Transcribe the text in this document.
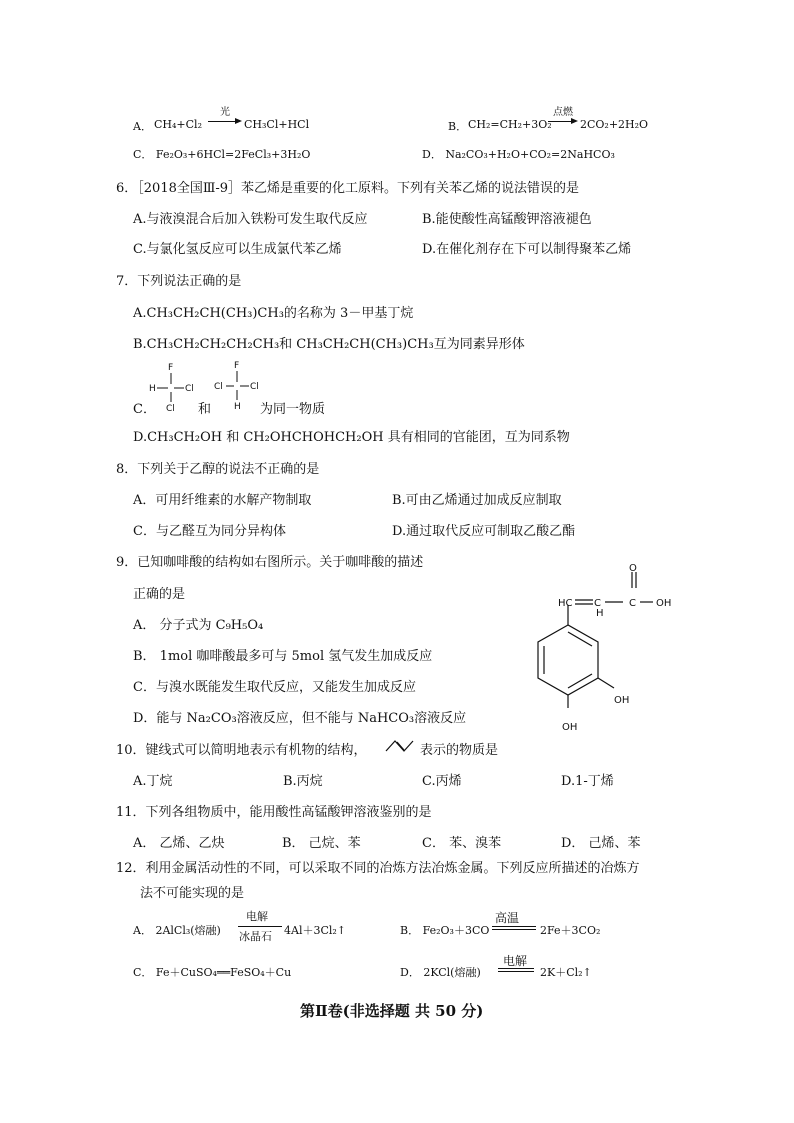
A． CH₄+Cl₂
光
CH₃Cl+HCl	B． CH₂=CH₂+3O₂
点燃
2CO₂+2H₂O
C． Fe₂O₃+6HCl=2FeCl₃+3H₂O	D． Na₂CO₃+H₂O+CO₂=2NaHCO₃
6．［2018全国Ⅲ-9］苯乙烯是重要的化工原料。下列有关苯乙烯的说法错误的是
A.与液溴混合后加入铁粉可发生取代反应	B.能使酸性高锰酸钾溶液褪色
C.与氯化氢反应可以生成氯代苯乙烯	D.在催化剂存在下可以制得聚苯乙烯
7．下列说法正确的是
A.CH₃CH₂CH(CH₃)CH₃的名称为 3－甲基丁烷
B.CH₃CH₂CH₂CH₂CH₃和 CH₃CH₂CH(CH₃)CH₃互为同素异形体
C．
F
H	Cl
Cl 和
F
Cl	Cl
H 为同一物质
D.CH₃CH₂OH 和 CH₂OHCHOHCH₂OH 具有相同的官能团，互为同系物
8．下列关于乙醇的说法不正确的是
A．可用纤维素的水解产物制取	B.可由乙烯通过加成反应制取
C．与乙醛互为同分异构体	D.通过取代反应可制取乙酸乙酯
9．已知咖啡酸的结构如右图所示。关于咖啡酸的描述
正确的是
A． 分子式为 C₉H₅O₄
B． 1mol 咖啡酸最多可与 5mol 氢气发生加成反应
C．与溴水既能发生取代反应，又能发生加成反应
D．能与 Na₂CO₃溶液反应，但不能与 NaHCO₃溶液反应
HC C
H
C
O
OH
OH
OH
10．键线式可以简明地表示有机物的结构，	表示的物质是
A.丁烷	B.丙烷	C.丙烯	D.1-丁烯
11．下列各组物质中，能用酸性高锰酸钾溶液鉴别的是
A． 乙烯、乙炔	B． 己烷、苯	C． 苯、溴苯	D． 己烯、苯
12．利用金属活动性的不同，可以采取不同的冶炼方法冶炼金属。下列反应所描述的冶炼方
法不可能实现的是
A． 2AlCl₃(熔融)
电解
冰晶石 4Al＋3Cl₂↑	B． Fe₂O₃＋3CO
高温
2Fe＋3CO₂
C． Fe＋CuSO₄══FeSO₄＋Cu	D． 2KCl(熔融)
电解
2K＋Cl₂↑
第Ⅱ卷(非选择题 共 50 分)
